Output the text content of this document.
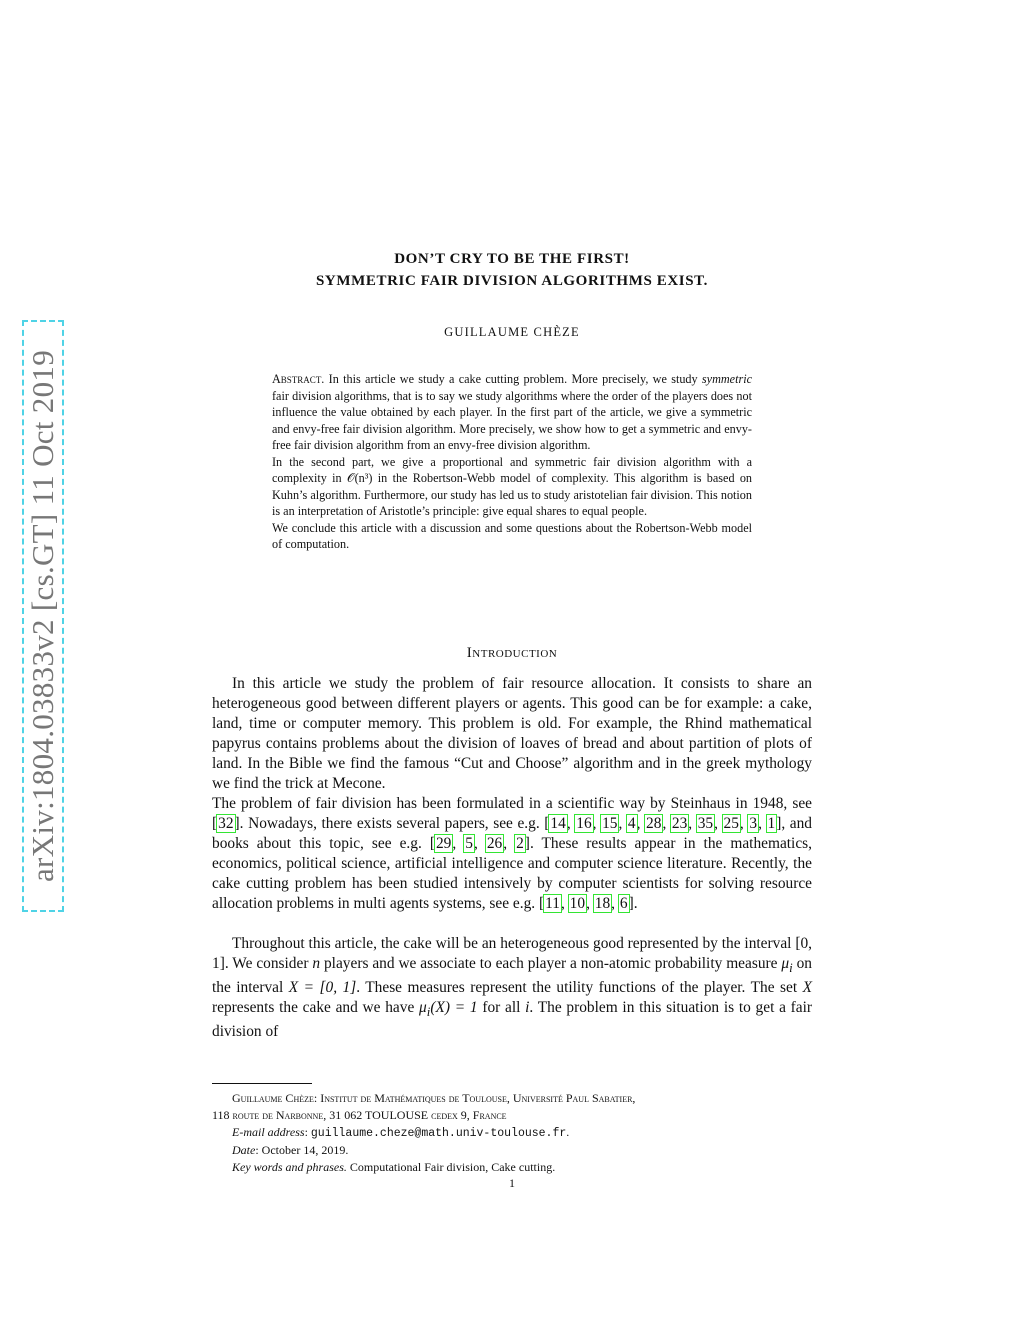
arXiv:1804.03833v2 [cs.GT] 11 Oct 2019
DON’T CRY TO BE THE FIRST!
SYMMETRIC FAIR DIVISION ALGORITHMS EXIST.
GUILLAUME CHÈZE

Abstract. In this article we study a cake cutting problem. More precisely, we study symmetric fair division algorithms, that is to say we study algorithms where the order of the players does not influence the value obtained by each player. In the first part of the article, we give a symmetric and envy-free fair division algorithm. More precisely, we show how to get a symmetric and envy-free fair division algorithm from an envy-free division algorithm.

In the second part, we give a proportional and symmetric fair division algorithm with a complexity in 𝒪(n³) in the Robertson-Webb model of complexity. This algorithm is based on Kuhn’s algorithm. Furthermore, our study has led us to study aristotelian fair division. This notion is an interpretation of Aristotle’s principle: give equal shares to equal people.

We conclude this article with a discussion and some questions about the Robertson-Webb model of computation.

Introduction

In this article we study the problem of fair resource allocation. It consists to share an heterogeneous good between different players or agents. This good can be for example: a cake, land, time or computer memory. This problem is old. For example, the Rhind mathematical papyrus contains problems about the division of loaves of bread and about partition of plots of land. In the Bible we find the famous “Cut and Choose” algorithm and in the greek mythology we find the trick at Mecone.

The problem of fair division has been formulated in a scientific way by Steinhaus in 1948, see [32]. Nowadays, there exists several papers, see e.g. [14, 16, 15, 4, 28, 23, 35, 25, 3, 1], and books about this topic, see e.g. [29, 5, 26, 2]. These results appear in the mathematics, economics, political science, artificial intelligence and computer science literature. Recently, the cake cutting problem has been studied intensively by computer scientists for solving resource allocation problems in multi agents systems, see e.g. [11, 10, 18, 6].

Throughout this article, the cake will be an heterogeneous good represented by the interval [0, 1]. We consider n players and we associate to each player a non-atomic probability measure $\mu_i$ on the interval X = [0, 1]. These measures represent the utility functions of the player. The set X represents the cake and we have $\mu_i(X) = 1$ for all i. The problem in this situation is to get a fair division of

Guillaume Chèze: Institut de Mathématiques de Toulouse, Université Paul Sabatier,

118 route de Narbonne, 31 062 TOULOUSE cedex 9, France

E-mail address: guillaume.cheze@math.univ-toulouse.fr.

Date: October 14, 2019.

Key words and phrases. Computational Fair division, Cake cutting.

1
